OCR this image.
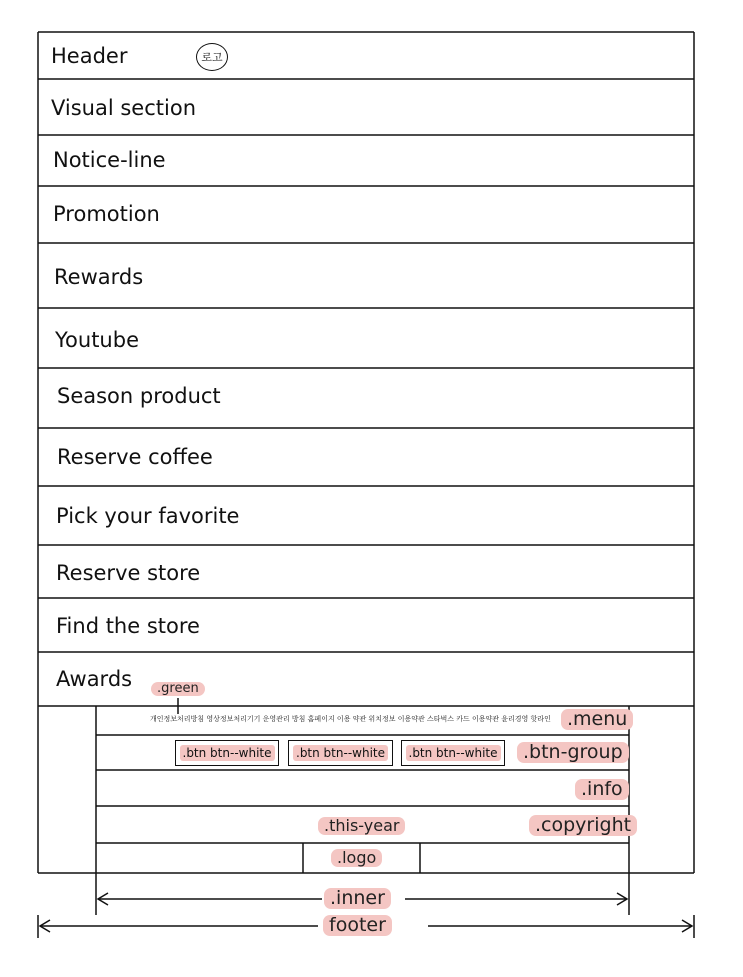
Header	로고
Visual section
Notice-line
Promotion
Rewards
Youtube
Season product
Reserve coffee
Pick your favorite
Reserve store
Find the store
Awards	.green
개인정보처리방침 영상정보처리기기 운영관리 방침 홈페이지 이용 약관 위치정보 이용약관 스타벅스 카드 이용약관 윤리경영 핫라인 .menu
.btn btn--white .btn btn--white .btn btn--white	.btn-group
.info
.this-year	.copyright
.logo
.inner
footer
